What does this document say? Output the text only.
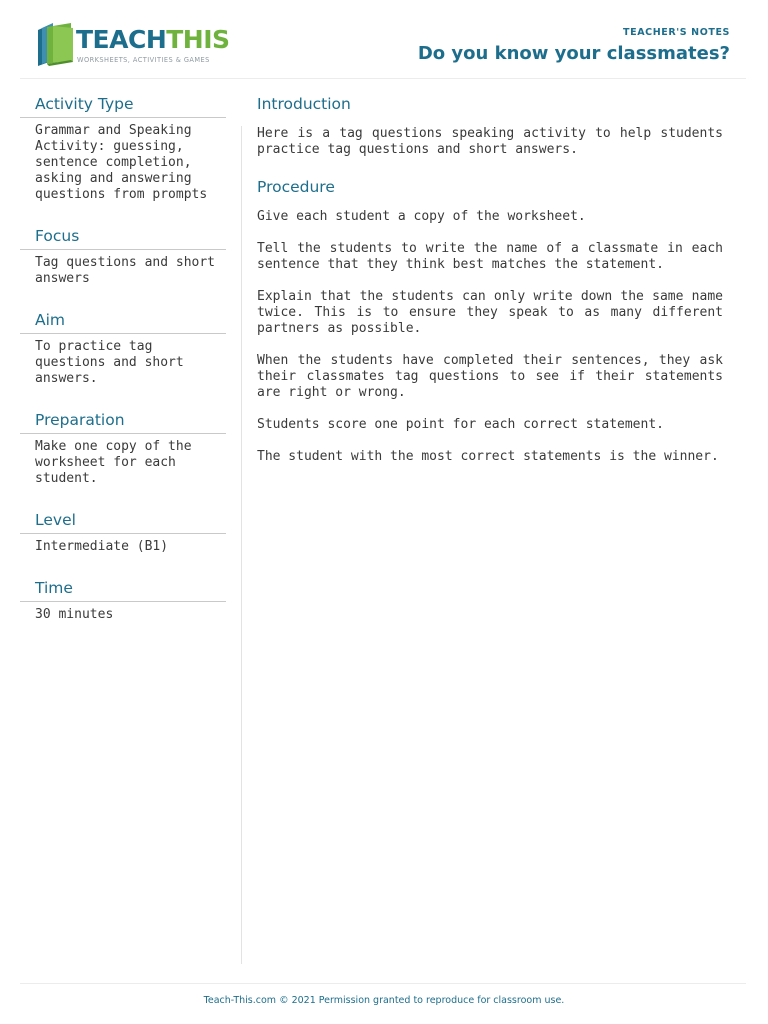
TEACHTHIS
WORKSHEETS, ACTIVITIES & GAMES
TEACHER'S NOTES
Do you know your classmates?
Activity Type
Grammar and Speaking Activity: guessing, sentence completion, asking and answering questions from prompts
Focus
Tag questions and short answers
Aim
To practice tag questions and short answers.
Preparation
Make one copy of the worksheet for each student.
Level
Intermediate (B1)
Time
30 minutes
Introduction

Here is a tag questions speaking activity to help students practice tag questions and short answers.

Procedure

Give each student a copy of the worksheet.

Tell the students to write the name of a classmate in each sentence that they think best matches the statement.

Explain that the students can only write down the same name twice. This is to ensure they speak to as many different partners as possible.

When the students have completed their sentences, they ask their classmates tag questions to see if their statements are right or wrong.

Students score one point for each correct statement.

The student with the most correct statements is the winner.

Teach-This.com © 2021 Permission granted to reproduce for classroom use.
